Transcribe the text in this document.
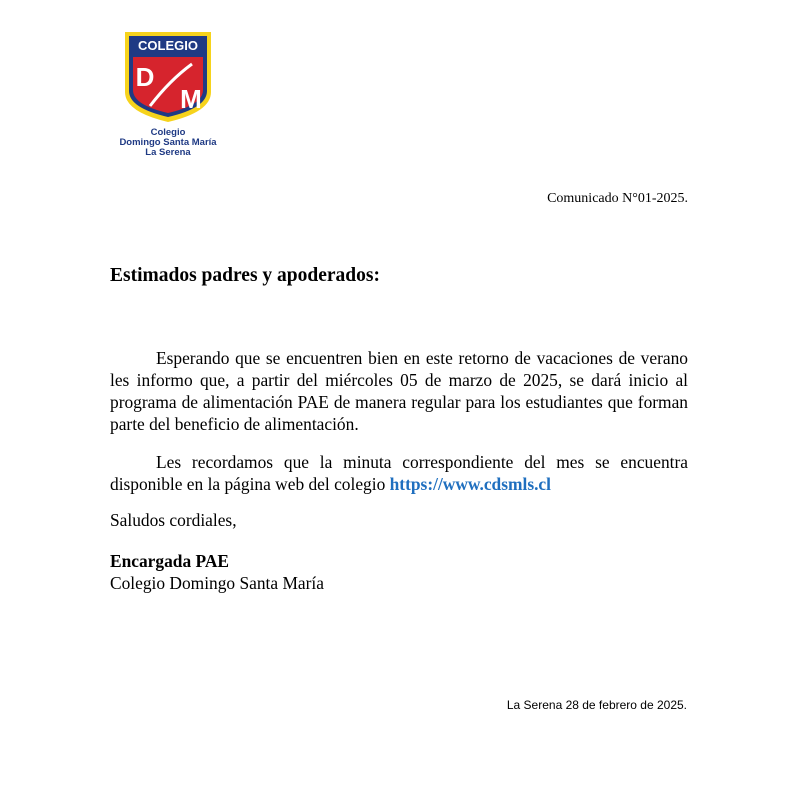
COLEGIO
D
M
Colegio
Domingo Santa María
La Serena
Comunicado N°01-2025.
Estimados padres y apoderados:
Esperando que se encuentren bien en este retorno de vacaciones de verano les informo que, a partir del miércoles 05 de marzo de 2025, se dará inicio al programa de alimentación PAE de manera regular para los estudiantes que forman parte del beneficio de alimentación.
Les recordamos que la minuta correspondiente del mes se encuentra disponible en la página web del colegio https://www.cdsmls.cl
Saludos cordiales,
Encargada PAE
Colegio Domingo Santa María
La Serena 28 de febrero de 2025.
